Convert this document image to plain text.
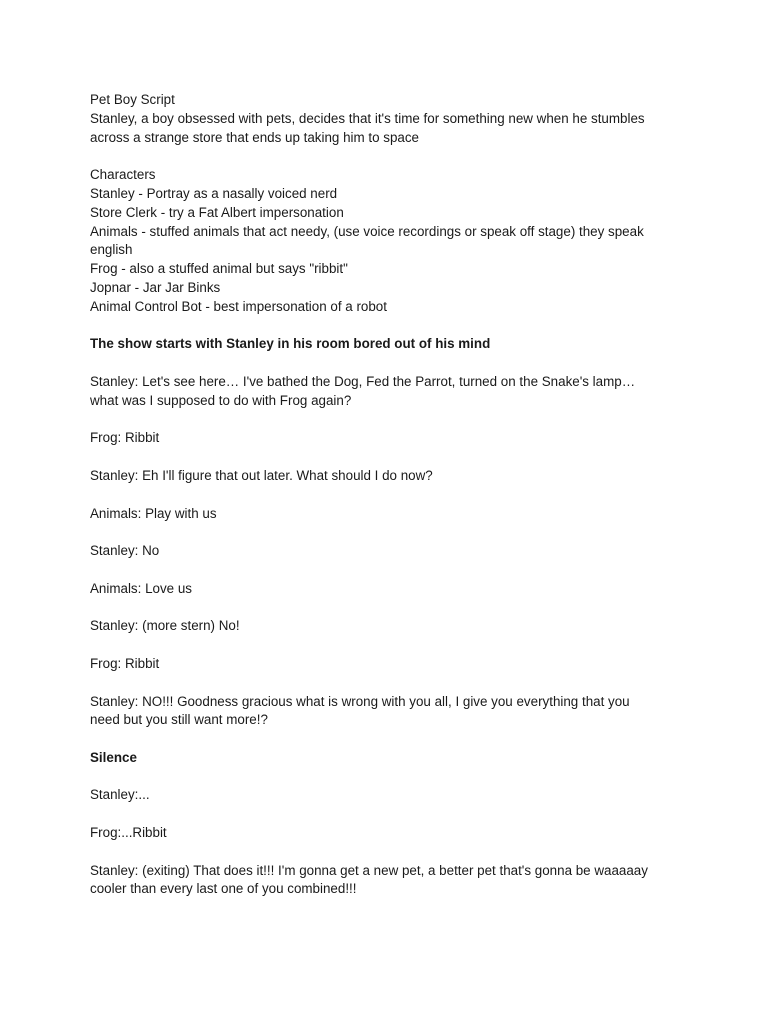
Pet Boy Script

Stanley, a boy obsessed with pets, decides that it's time for something new when he stumbles

across a strange store that ends up taking him to space

Characters

Stanley - Portray as a nasally voiced nerd

Store Clerk - try a Fat Albert impersonation

Animals - stuffed animals that act needy, (use voice recordings or speak off stage) they speak

english

Frog - also a stuffed animal but says "ribbit"

Jopnar - Jar Jar Binks

Animal Control Bot - best impersonation of a robot

The show starts with Stanley in his room bored out of his mind

Stanley: Let's see here… I've bathed the Dog, Fed the Parrot, turned on the Snake's lamp…

what was I supposed to do with Frog again?

Frog: Ribbit

Stanley: Eh I'll figure that out later. What should I do now?

Animals: Play with us

Stanley: No

Animals: Love us

Stanley: (more stern) No!

Frog: Ribbit

Stanley: NO!!! Goodness gracious what is wrong with you all, I give you everything that you

need but you still want more!?

Silence

Stanley:...

Frog:...Ribbit

Stanley: (exiting) That does it!!! I'm gonna get a new pet, a better pet that's gonna be waaaaay

cooler than every last one of you combined!!!
